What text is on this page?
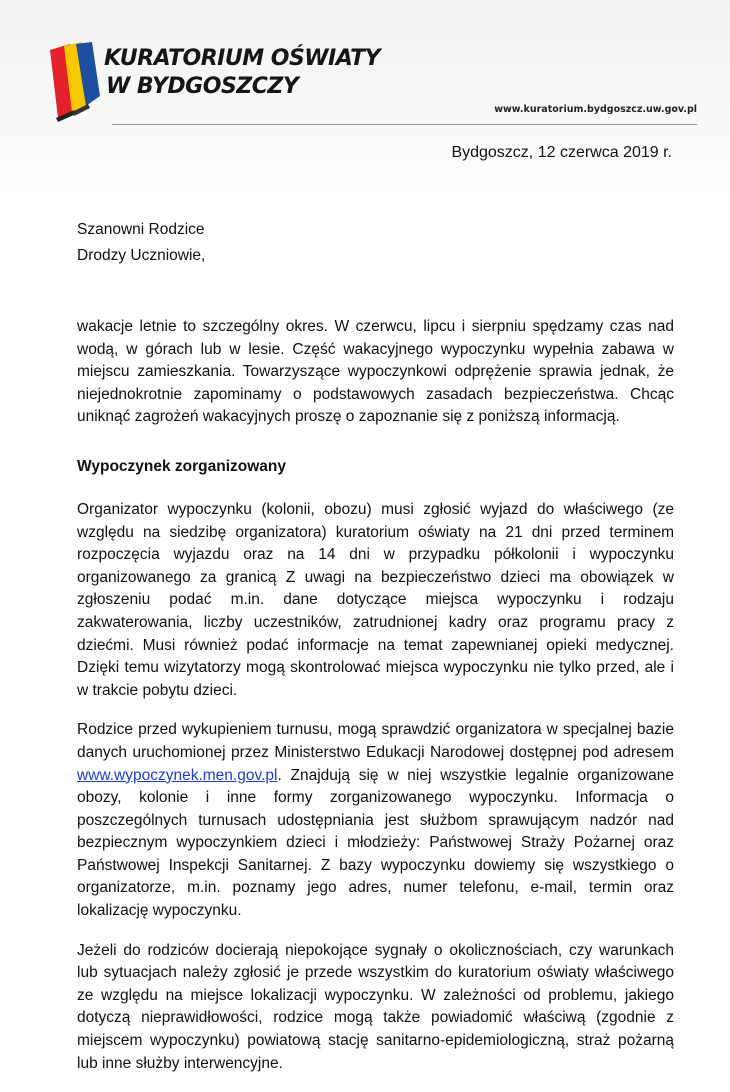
KURATORIUM OŚWIATY
W BYDGOSZCZY
www.kuratorium.bydgoszcz.uw.gov.pl
Bydgoszcz, 12 czerwca 2019 r.
Szanowni Rodzice
Drodzy Uczniowie,

wakacje letnie to szczególny okres. W czerwcu, lipcu i sierpniu spędzamy czas nad wodą, w górach lub w lesie. Część wakacyjnego wypoczynku wypełnia zabawa w miejscu zamieszkania. Towarzyszące wypoczynkowi odprężenie sprawia jednak, że niejednokrotnie zapominamy o podstawowych zasadach bezpieczeństwa. Chcąc uniknąć zagrożeń wakacyjnych proszę o zapoznanie się z poniższą informacją.

Wypoczynek zorganizowany

Organizator wypoczynku (kolonii, obozu) musi zgłosić wyjazd do właściwego (ze względu na siedzibę organizatora) kuratorium oświaty na 21 dni przed terminem rozpoczęcia wyjazdu oraz na 14 dni w przypadku półkolonii i wypoczynku organizowanego za granicą Z uwagi na bezpieczeństwo dzieci ma obowiązek w zgłoszeniu podać m.in. dane dotyczące miejsca wypoczynku i rodzaju zakwaterowania, liczby uczestników, zatrudnionej kadry oraz programu pracy z dziećmi. Musi również podać informacje na temat zapewnianej opieki medycznej. Dzięki temu wizytatorzy mogą skontrolować miejsca wypoczynku nie tylko przed, ale i w trakcie pobytu dzieci.

Rodzice przed wykupieniem turnusu, mogą sprawdzić organizatora w specjalnej bazie danych uruchomionej przez Ministerstwo Edukacji Narodowej dostępnej pod adresem www.wypoczynek.men.gov.pl. Znajdują się w niej wszystkie legalnie organizowane obozy, kolonie i inne formy zorganizowanego wypoczynku. Informacja o poszczególnych turnusach udostępniania jest służbom sprawującym nadzór nad bezpiecznym wypoczynkiem dzieci i młodzieży: Państwowej Straży Pożarnej oraz Państwowej Inspekcji Sanitarnej. Z bazy wypoczynku dowiemy się wszystkiego o organizatorze, m.in. poznamy jego adres, numer telefonu, e-mail, termin oraz lokalizację wypoczynku.

Jeżeli do rodziców docierają niepokojące sygnały o okolicznościach, czy warunkach lub sytuacjach należy zgłosić je przede wszystkim do kuratorium oświaty właściwego ze względu na miejsce lokalizacji wypoczynku. W zależności od problemu, jakiego dotyczą nieprawidłowości, rodzice mogą także powiadomić właściwą (zgodnie z miejscem wypoczynku) powiatową stację sanitarno-epidemiologiczną, straż pożarną lub inne służby interwencyjne.
